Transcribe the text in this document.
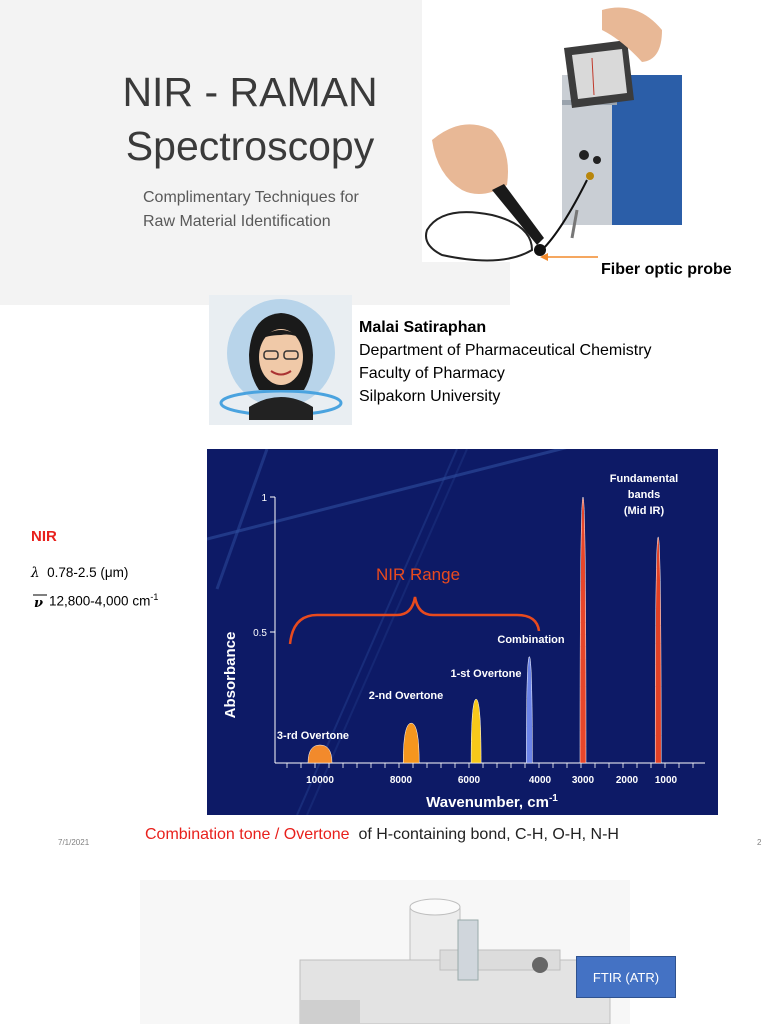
NIR - RAMAN
Spectroscopy
Complimentary Techniques for
Raw Material Identification
Fiber optic probe
Malai Satiraphan
Department of Pharmaceutical Chemistry
Faculty of Pharmacy
Silpakorn University
NIR
λ 0.78-2.5 (μm)
ν 12,800-4,000 $cm^{-1}$
1
0.5
10000	8000	6000	4000 3000 2000 1000
3-rd Overtone
2-nd Overtone
1-st Overtone
Combination
Fundamental
bands
(Mid IR)
Absorbance
Wavenumber, $cm^{-1}$
NIR Range
7/1/2021	Combination tone / Overtone of H-containing bond, C-H, O-H, N-H	2
FTIR (ATR)
